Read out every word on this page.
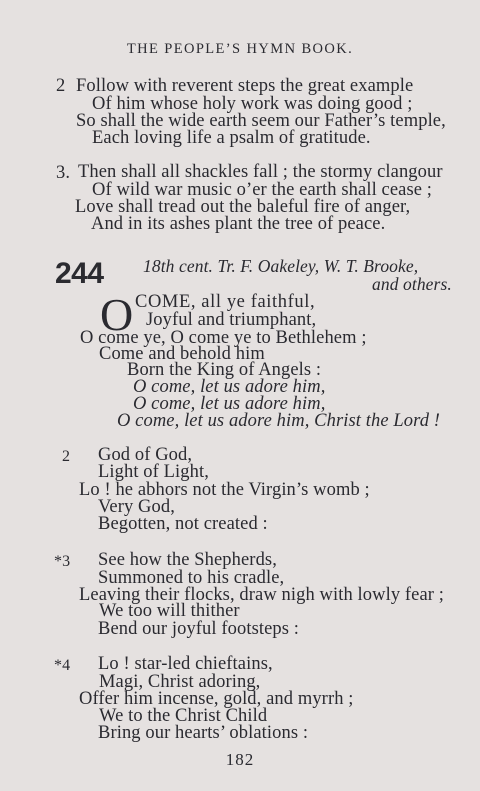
THE PEOPLE’S HYMN BOOK.
2 Follow with reverent steps the great example
Of him whose holy work was doing good ;
So shall the wide earth seem our Father’s temple,
Each loving life a psalm of gratitude.
3. Then shall all shackles fall ; the stormy clangour
Of wild war music o’er the earth shall cease ;
Love shall tread out the baleful fire of anger,
And in its ashes plant the tree of peace.
244 18th cent. Tr. F. Oakeley, W. T. Brooke,
and others.
O COME, all ye faithful,
Joyful and triumphant,
O come ye, O come ye to Bethlehem ;
Come and behold him
Born the King of Angels :
O come, let us adore him,
O come, let us adore him,
O come, let us adore him, Christ the Lord !
2 God of God,
Light of Light,
Lo ! he abhors not the Virgin’s womb ;
Very God,
Begotten, not created :
*3 See how the Shepherds,
Summoned to his cradle,
Leaving their flocks, draw nigh with lowly fear ;
We too will thither
Bend our joyful footsteps :
*4 Lo ! star-led chieftains,
Magi, Christ adoring,
Offer him incense, gold, and myrrh ;
We to the Christ Child
Bring our hearts’ oblations :
182
